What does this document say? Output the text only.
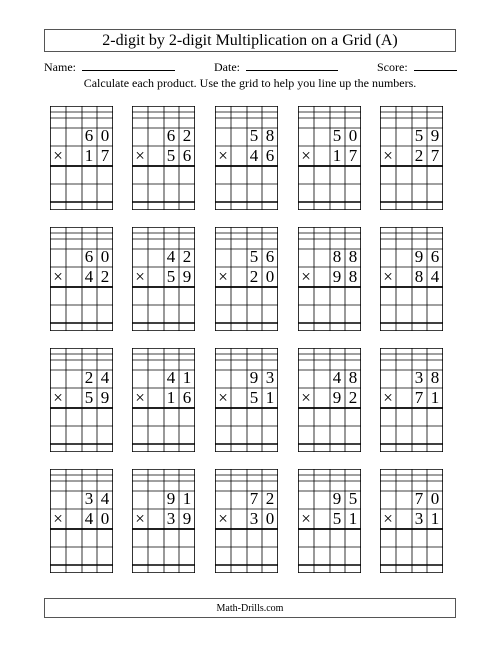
2-digit by 2-digit Multiplication on a Grid (A)
Name:	Date:	Score:
Calculate each product. Use the grid to help you line up the numbers.
6 0
× 1 7
6 2
× 5 6
5 8
× 4 6
5 0
× 1 7
5 9
× 2 7
6 0
× 4 2
4 2
× 5 9
5 6
× 2 0
8 8
× 9 8
9 6
× 8 4
2 4
× 5 9
4 1
× 1 6
9 3
× 5 1
4 8
× 9 2
3 8
× 7 1
3 4
× 4 0
9 1
× 3 9
7 2
× 3 0
9 5
× 5 1
7 0
× 3 1
Math-Drills.com
